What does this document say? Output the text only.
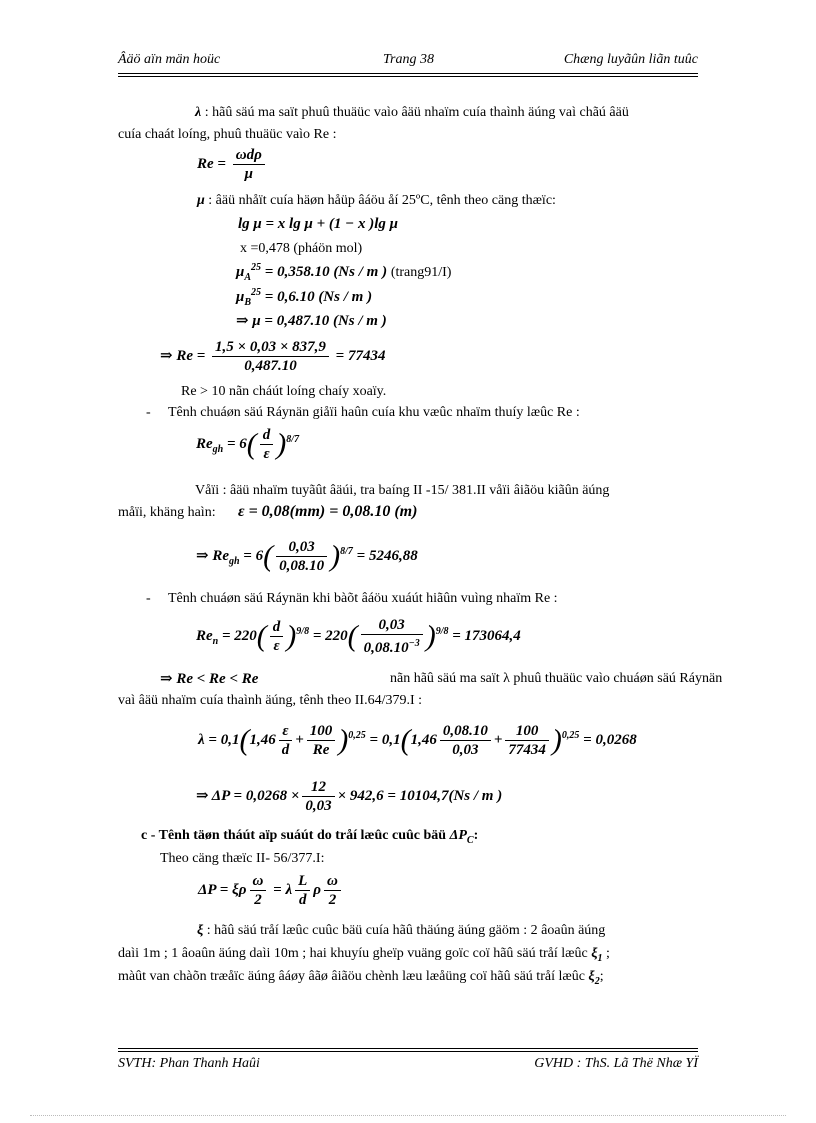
Âäö aïn män hoüc	Trang 38	Chæng luyãûn liãn tuûc
λ : hãû säú ma saït phuû thuäüc vaìo âäü nhaïm cuía thaình äúng vaì chãú âäü
cuía chaát loíng, phuû thuäüc vaìo Re :
$Re = \frac{\text{ωdρ}}{\mu}$
μ : âäü nhåït cuía häøn håüp âáöu åí 25ºC, tênh theo cäng thæïc:
lg μ = x lg μ + (1 − x )lg μ
x =0,478 (pháön mol)
$\mu_A^{25} = 0,358.10$ (Ns / m ) (trang91/I)
$\mu_B^{25} = 0,6.10$ (Ns / m )
⇒ μ = 0,487.10 (Ns / m )
⇒ $Re = \frac{1,5 \times 0,03 \times 837,9}{0,487.10} = 77434$
Re > 10 nãn cháút loíng chaíy xoaïy.
- Tênh chuáøn säú Ráynän giåïi haûn cuía khu væûc nhaïm thuíy læûc Re :
$Re_{gh} = 6( \frac{d}{\varepsilon} )^{8/7}$
Våïi : âäü nhaïm tuyãût âäúi, tra baíng II -15/ 381.II våïi âiãöu kiãûn äúng
måïi, khäng haìn: ε = 0,08(mm) = 0,08.10 (m)
⇒ $Re_{gh} = 6( \frac{0,03}{0,08.10} )^{8/7} = 5246,88$
- Tênh chuáøn säú Ráynän khi bàõt âáöu xuáút hiãûn vuìng nhaïm Re :
$Re_n = 220( \frac{d}{\varepsilon} )^{9/8} = 220( \frac{0,03}{0,08.10^{-3}} )^{9/8} = 173064,4$
⇒ Re < Re < Re	nãn hãû säú ma saït λ phuû thuäüc vaìo chuáøn säú Ráynän
vaì âäü nhaïm cuía thaình äúng, tênh theo II.64/379.I :
$\lambda = 0,1(1,46 \frac{\varepsilon}{d} + \frac{100}{Re} )^{0,25} = 0,1(1,46 \frac{0,08.10}{0,03} + \frac{100}{77434} )^{0,25} = 0,0268$
⇒ $\Delta P = 0,0268 \times \frac{12}{0,03} \times 942,6 = 10104,7(Ns / m$ )
c - Tênh täøn tháút aïp suáút do tråí læûc cuûc bäü $\Delta P_C$:
Theo cäng thæïc II- 56/377.I:
ΔP = ξρ $\frac{\omega}{2} = \lambda \frac{L}{d}$ ρ $\frac{\omega}{2}$
ξ : hãû säú tråí læûc cuûc bäü cuía hãû thäúng äúng gäöm : 2 âoaûn äúng
daìi 1m ; 1 âoaûn äúng daìi 10m ; hai khuyíu gheïp vuäng goïc coï hãû säú tråí læûc $\xi_1$ ;
màût van chàõn træåïc äúng âáøy âãø âiãöu chènh læu læåüng coï hãû säú tråí læûc $\xi_2$;
SVTH: Phan Thanh Haûi	GVHD : ThS. Lã Thë Nhæ YÏ
